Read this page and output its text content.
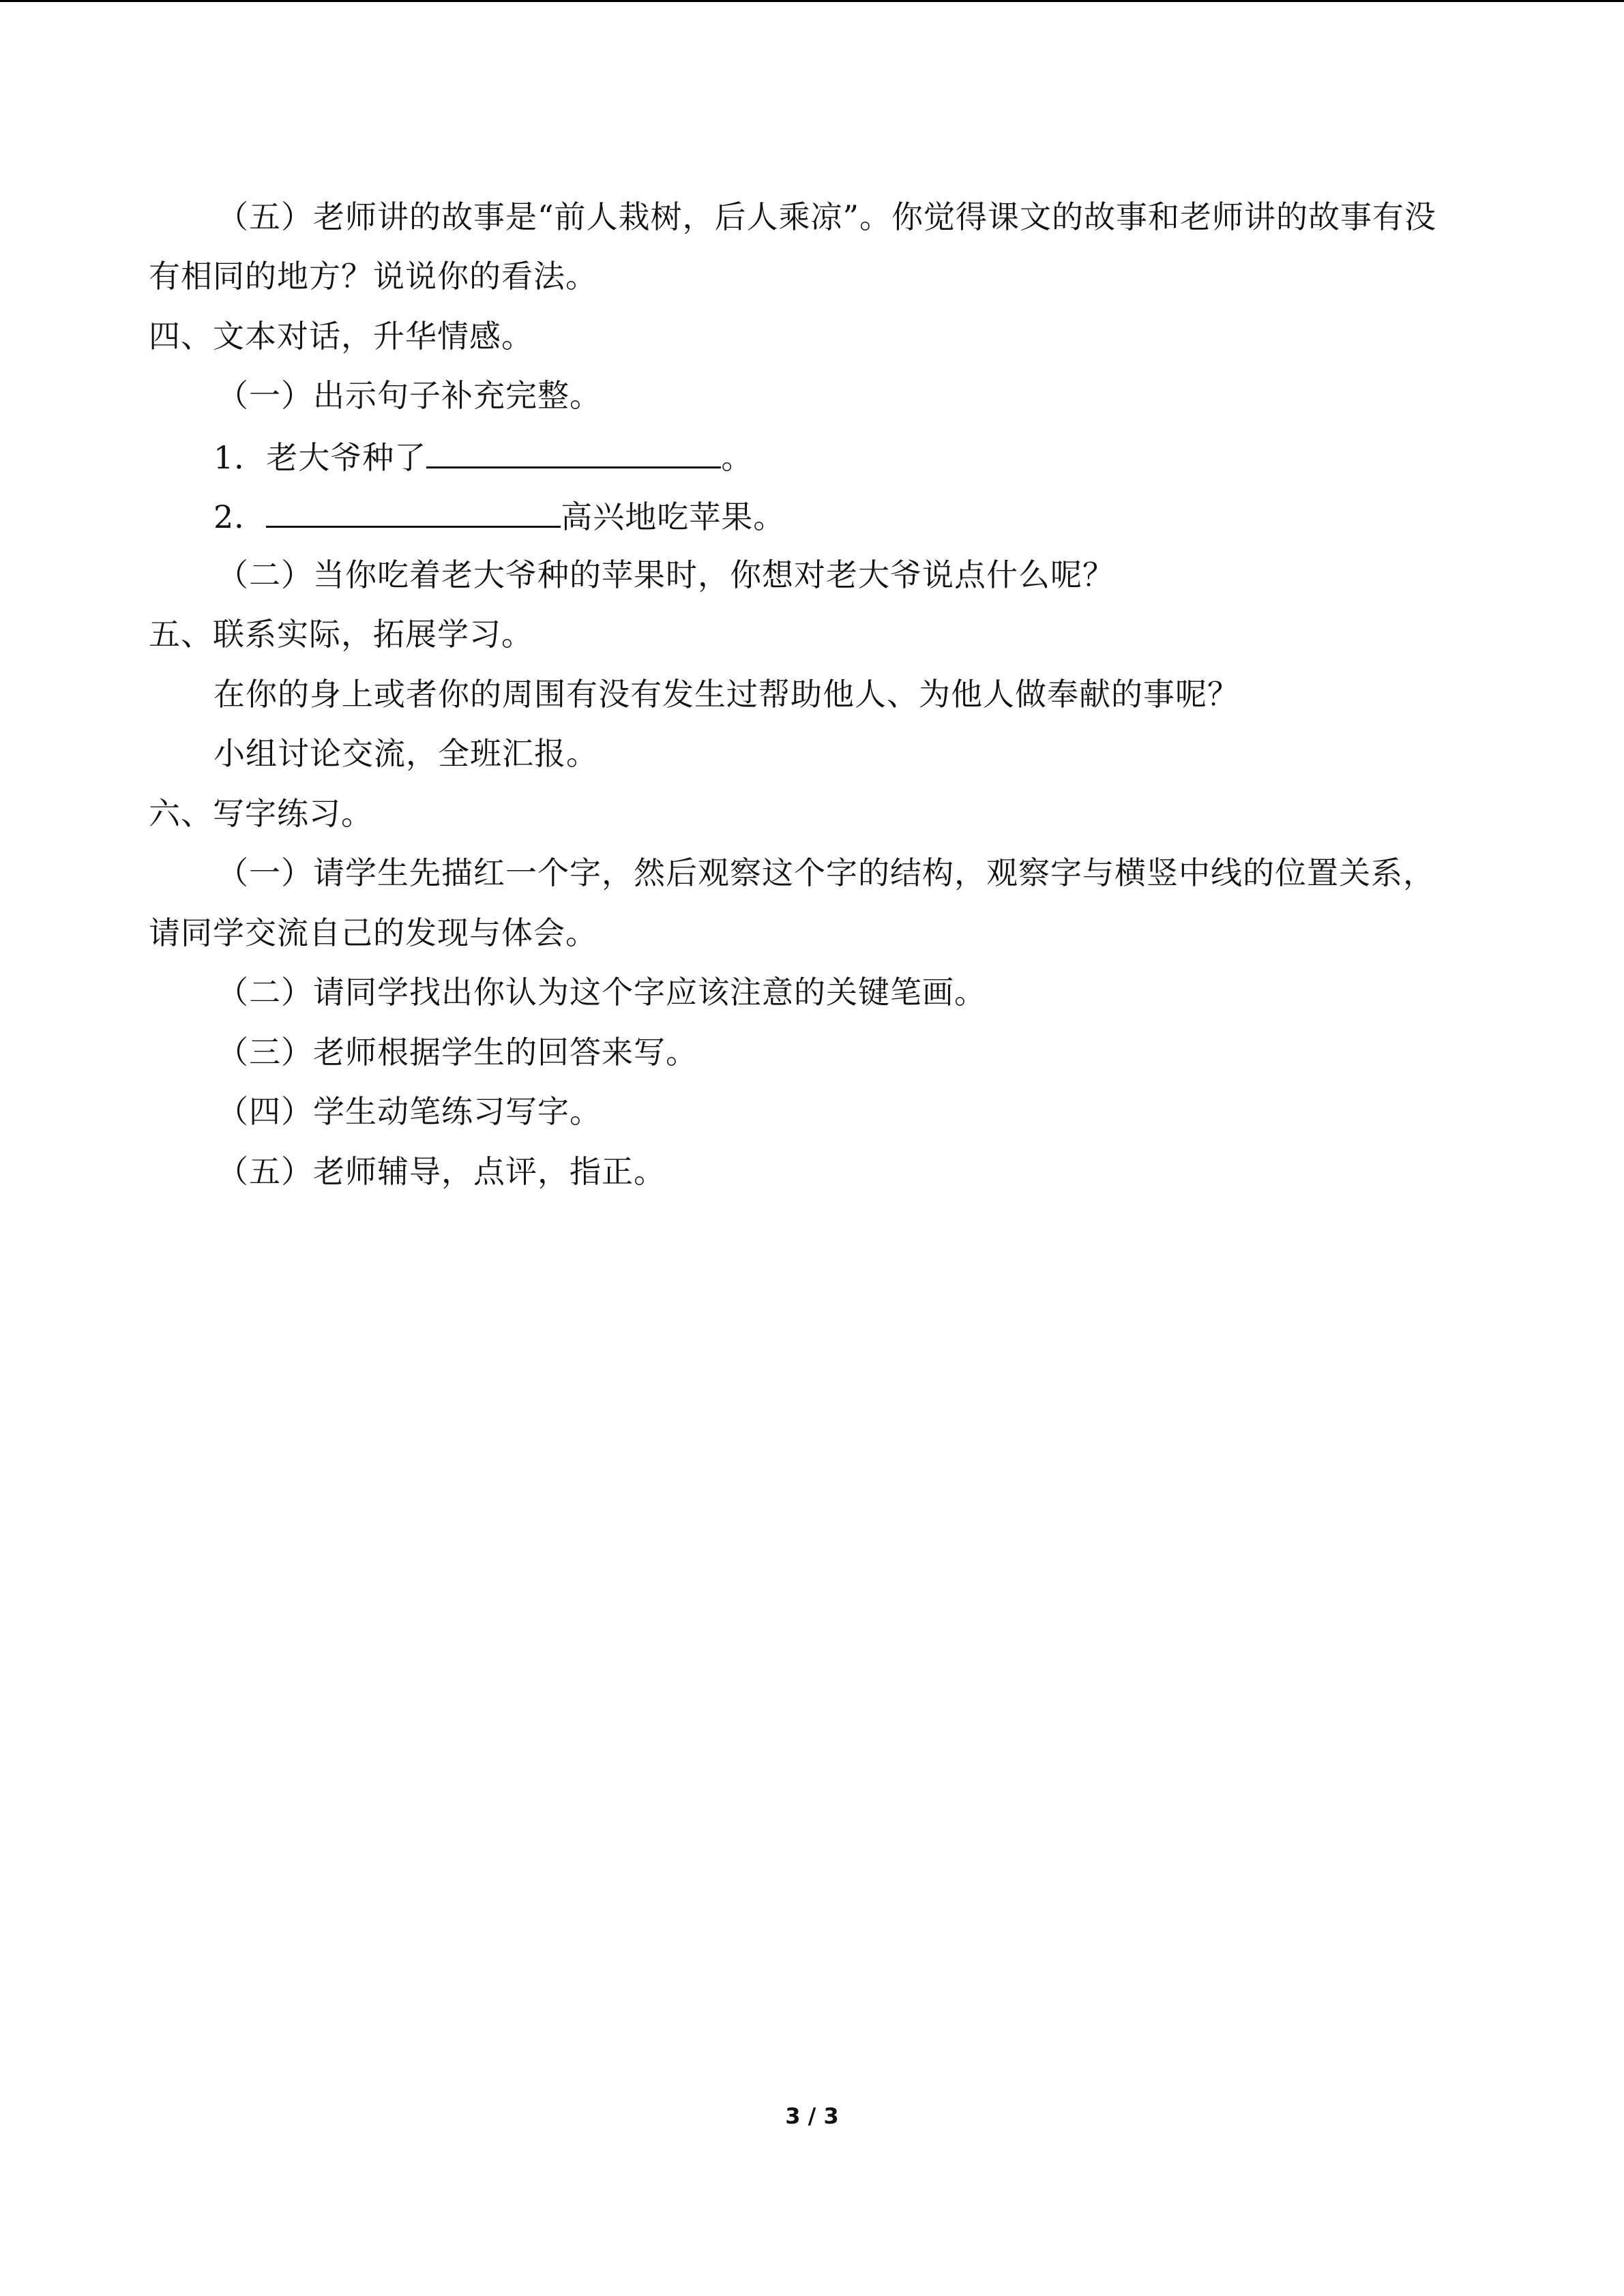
（五）老师讲的故事是“前人栽树，后人乘凉”。你觉得课文的故事和老师讲的故事有没
有相同的地方？说说你的看法。
四、文本对话，升华情感。
（一）出示句子补充完整。
1．老大爷种了	。
2．	高兴地吃苹果。
（二）当你吃着老大爷种的苹果时，你想对老大爷说点什么呢？
五、联系实际，拓展学习。
在你的身上或者你的周围有没有发生过帮助他人、为他人做奉献的事呢？
小组讨论交流，全班汇报。
六、写字练习。
（一）请学生先描红一个字，然后观察这个字的结构，观察字与横竖中线的位置关系，
请同学交流自己的发现与体会。
（二）请同学找出你认为这个字应该注意的关键笔画。
（三）老师根据学生的回答来写。
（四）学生动笔练习写字。
（五）老师辅导，点评，指正。
3 / 3
